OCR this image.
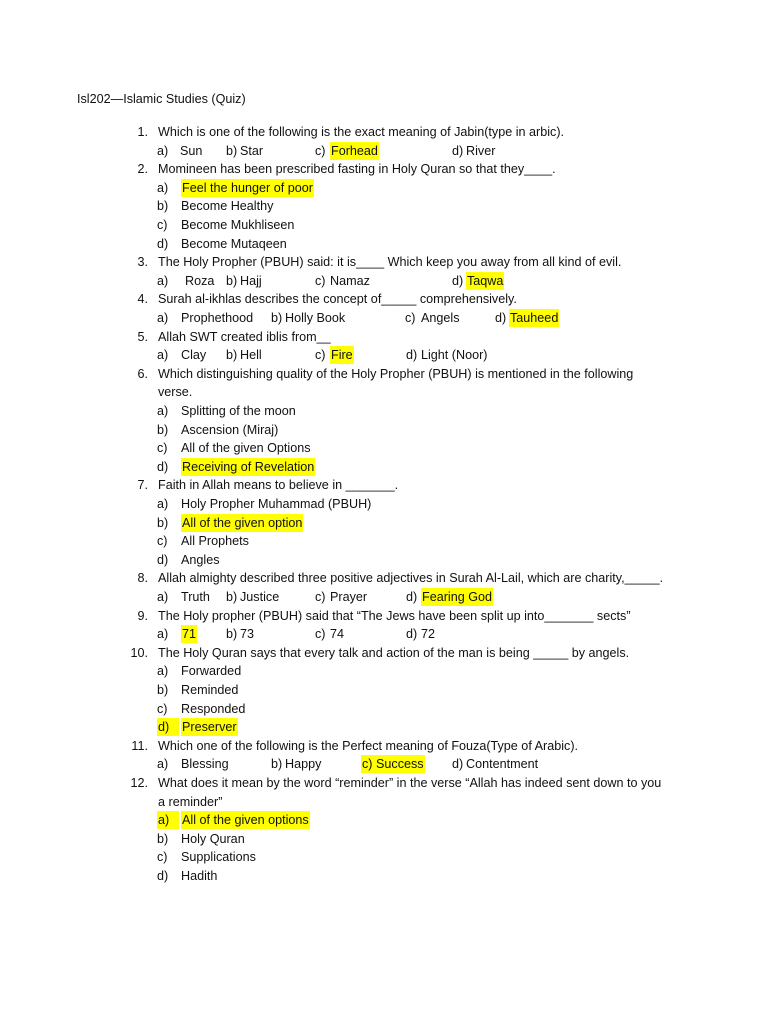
Isl202—Islamic Studies (Quiz)
1. Which is one of the following is the exact meaning of Jabin(type in arbic).
a) Sun b) Star	c) Forhead	d) River
2. Momineen has been prescribed fasting in Holy Quran so that they____.
a) Feel the hunger of poor
b) Become Healthy
c) Become Mukhliseen
d) Become Mutaqeen
3. The Holy Propher (PBUH) said: it is____ Which keep you away from all kind of evil.
a) Roza b) Hajj	c) Namaz	d) Taqwa
4. Surah al-ikhlas describes the concept of_____ comprehensively.
a) Prophethood b) Holly Book	c) Angels	d) Tauheed
5. Allah SWT created iblis from__
a) Clay b) Hell	c) Fire	d) Light (Noor)
6. Which distinguishing quality of the Holy Propher (PBUH) is mentioned in the following
verse.
a) Splitting of the moon
b) Ascension (Miraj)
c) All of the given Options
d) Receiving of Revelation
7. Faith in Allah means to believe in _______.
a) Holy Propher Muhammad (PBUH)
b) All of the given option
c) All Prophets
d) Angles
8. Allah almighty described three positive adjectives in Surah Al-Lail, which are charity,_____.
a) Truth b) Justice	c) Prayer	d) Fearing God
9. The Holy propher (PBUH) said that “The Jews have been split up into_______ sects”
a) 71 b) 73	c) 74	d) 72
10. The Holy Quran says that every talk and action of the man is being _____ by angels.
a) Forwarded
b) Reminded
c) Responded
d)	Preserver
11. Which one of the following is the Perfect meaning of Fouza(Type of Arabic).
a) Blessing	b) Happy	c) Success d) Contentment
12. What does it mean by the word “reminder” in the verse “Allah has indeed sent down to you
a reminder”
a)	All of the given options
b) Holy Quran
c) Supplications
d) Hadith
